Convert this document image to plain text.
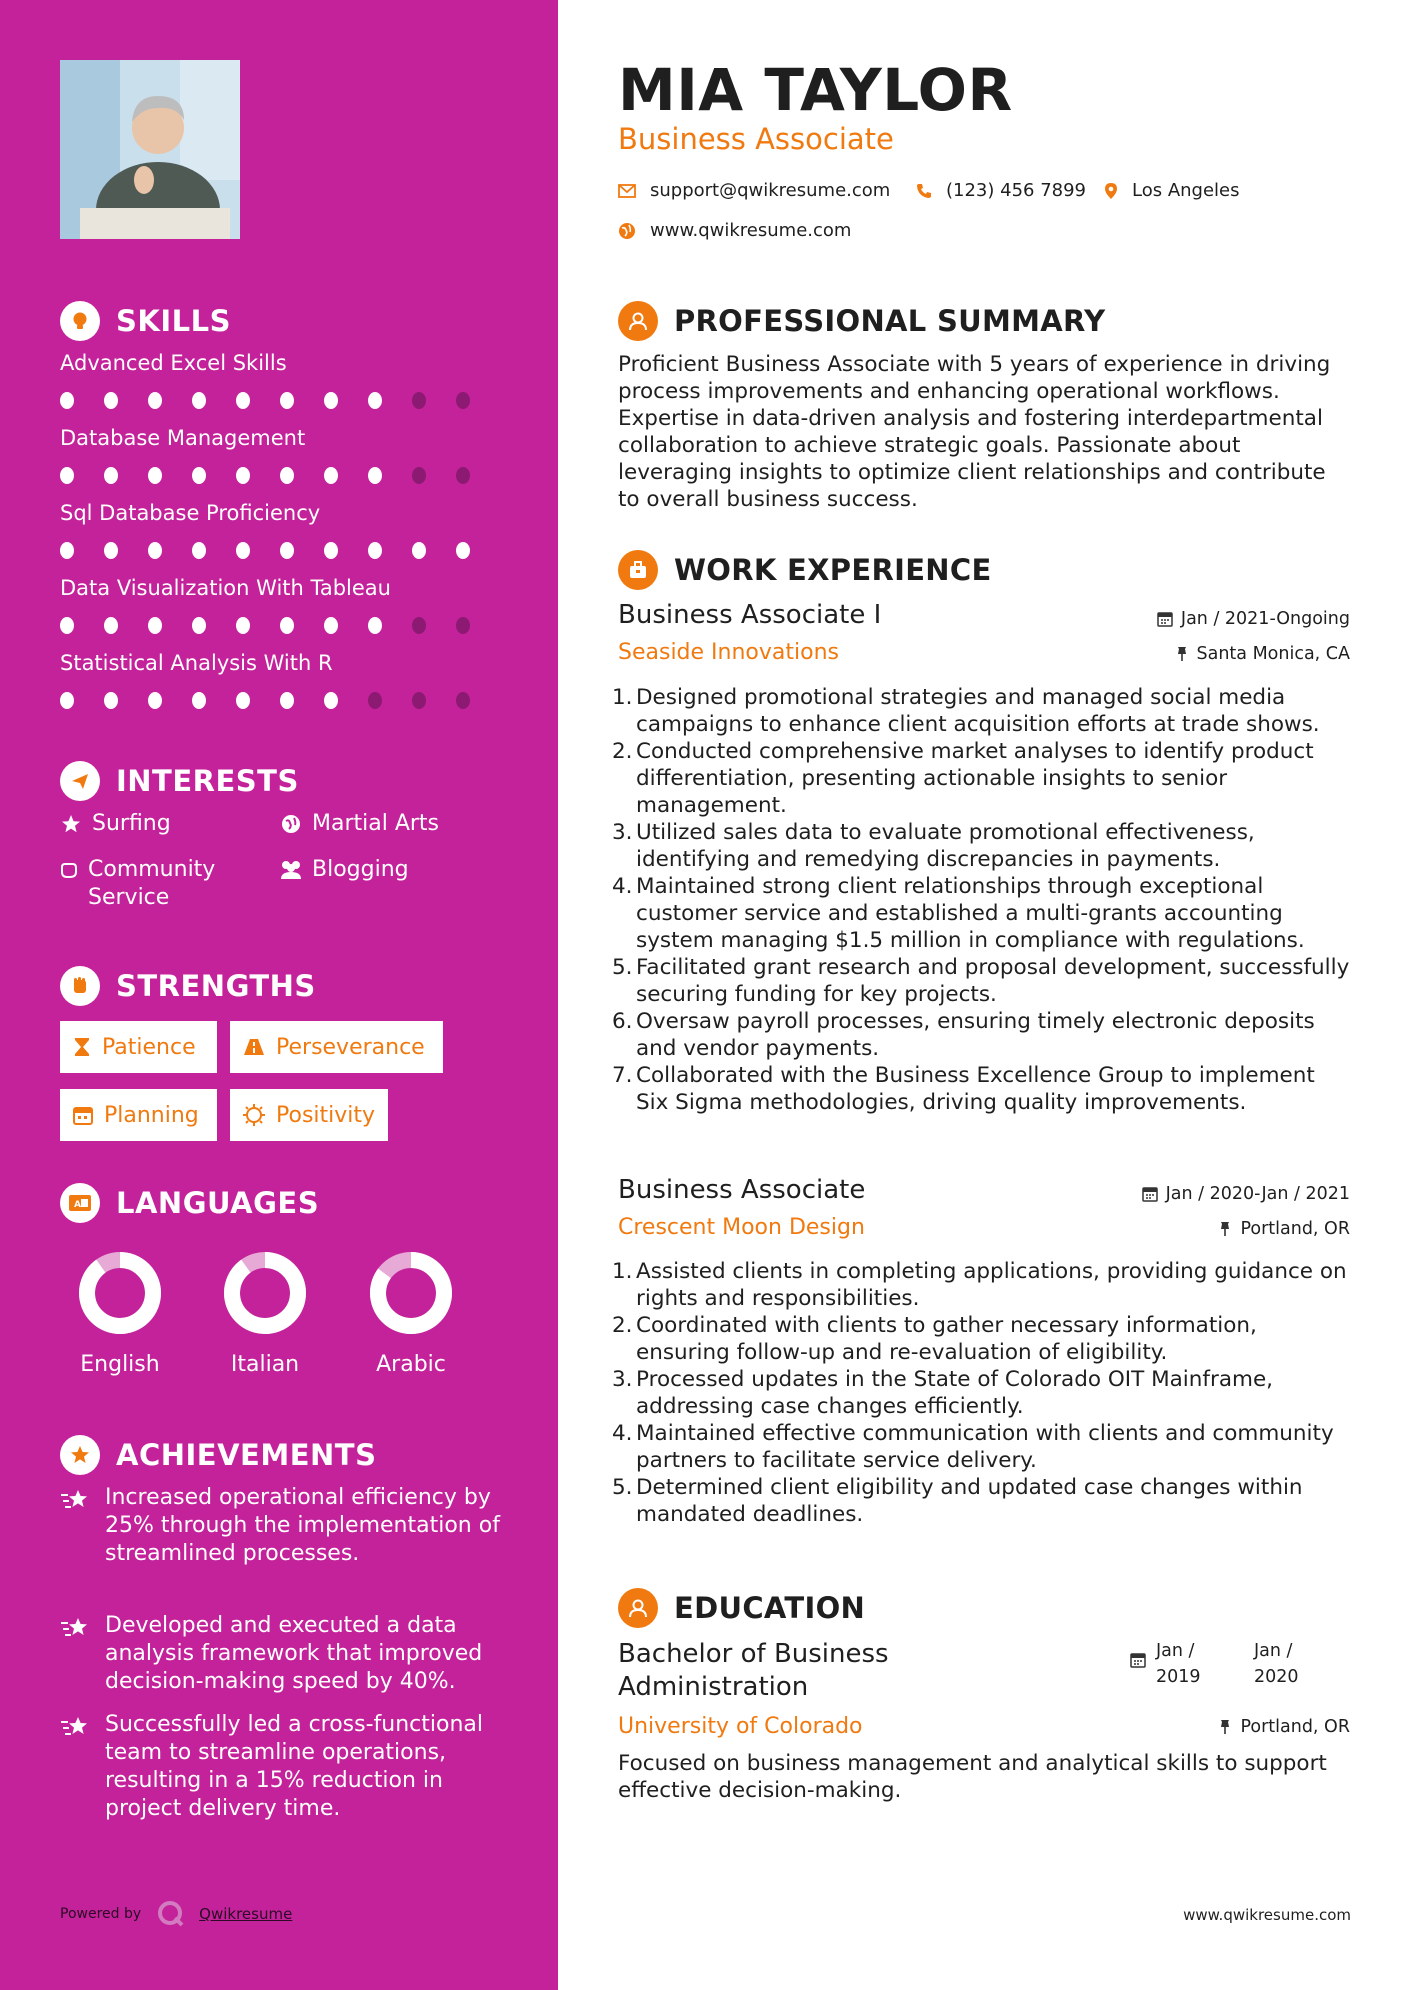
SKILLS
Advanced Excel Skills
Database Management
Sql Database Proficiency
Data Visualization With Tableau
Statistical Analysis With R
INTERESTS
Surfing	Martial Arts
Community Service
Blogging
STRENGTHS
Patience	Perseverance
Planning	Positivity
A LANGUAGES
English	Italian	Arabic
ACHIEVEMENTS
Increased operational efficiency by 25% through the implementation of streamlined processes.
Developed and executed a data analysis framework that improved decision-making speed by 40%.
Successfully led a cross-functional team to streamline operations, resulting in a 15% reduction in project delivery time.
Powered by	Qwikresume
MIA TAYLOR
Business Associate
support@qwikresume.com	(123) 456 7899	Los Angeles
www.qwikresume.com
PROFESSIONAL SUMMARY
Proficient Business Associate with 5 years of experience in driving process improvements and enhancing operational workflows. Expertise in data-driven analysis and fostering interdepartmental collaboration to achieve strategic goals. Passionate about leveraging insights to optimize client relationships and contribute to overall business success.
WORK EXPERIENCE
Business Associate I	Jan / 2021-Ongoing
Seaside Innovations	Santa Monica, CA
1. Designed promotional strategies and managed social media campaigns to enhance client acquisition efforts at trade shows.
2. Conducted comprehensive market analyses to identify product differentiation, presenting actionable insights to senior management.
3. Utilized sales data to evaluate promotional effectiveness, identifying and remedying discrepancies in payments.
4. Maintained strong client relationships through exceptional customer service and established a multi-grants accounting system managing $1.5 million in compliance with regulations.
5. Facilitated grant research and proposal development, successfully securing funding for key projects.
6. Oversaw payroll processes, ensuring timely electronic deposits and vendor payments.
7. Collaborated with the Business Excellence Group to implement Six Sigma methodologies, driving quality improvements.
Business Associate	Jan / 2020-Jan / 2021
Crescent Moon Design	Portland, OR
1. Assisted clients in completing applications, providing guidance on rights and responsibilities.
2. Coordinated with clients to gather necessary information, ensuring follow-up and re-evaluation of eligibility.
3. Processed updates in the State of Colorado OIT Mainframe, addressing case changes efficiently.
4. Maintained effective communication with clients and community partners to facilitate service delivery.
5. Determined client eligibility and updated case changes within mandated deadlines.
EDUCATION
Bachelor of Business Administration
Jan / 2019
Jan / 2020
University of Colorado	Portland, OR
Focused on business management and analytical skills to support effective decision-making.
www.qwikresume.com
